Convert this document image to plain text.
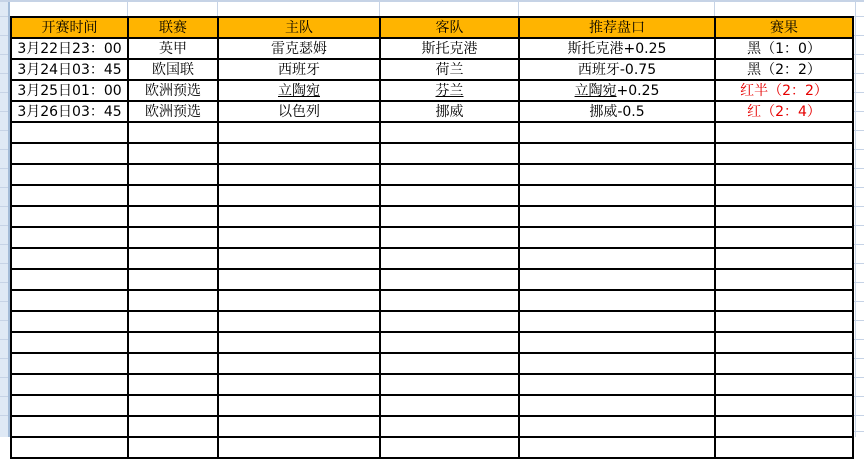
开赛时间	联赛	主队	客队	推荐盘口	赛果
3月22日23：00	英甲	雷克瑟姆	斯托克港	斯托克港+0.25	黑（1：0）
3月24日03：45	欧国联	西班牙	荷兰	西班牙-0.75	黑（2：2）
3月25日01：00	欧洲预选	立陶宛	芬兰	立陶宛+0.25	红半（2：2）
3月26日03：45	欧洲预选	以色列	挪威	挪威-0.5	红（2：4）
